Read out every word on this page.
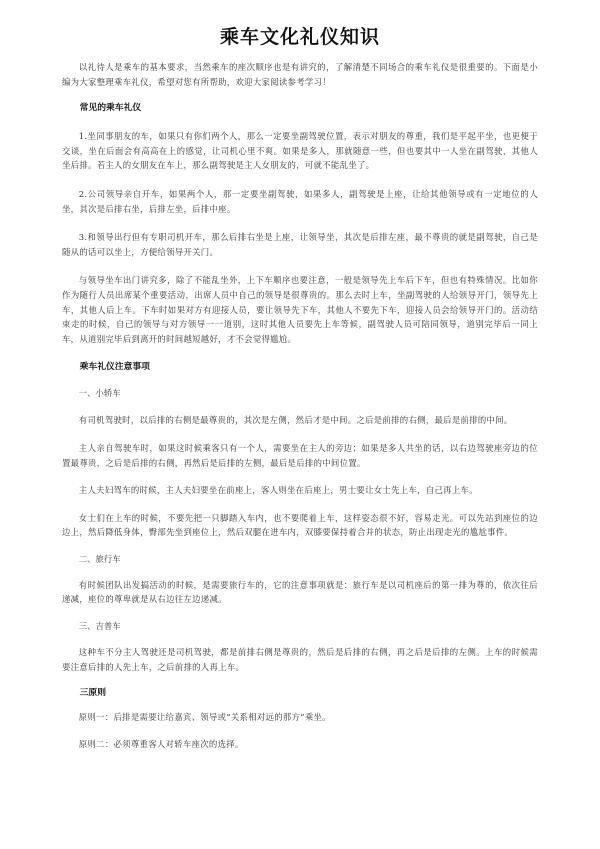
乘车文化礼仪知识

以礼待人是乘车的基本要求，当然乘车的座次顺序也是有讲究的，了解清楚不同场合的乘车礼仪是很重要的。下面是小编为大家整理乘车礼仪，希望对您有所帮助，欢迎大家阅读参考学习！

常见的乘车礼仪

1.坐同事朋友的车，如果只有你们两个人，那么一定要坐副驾驶位置，表示对朋友的尊重，我们是平起平坐，也更便于交谈，坐在后面会有高高在上的感觉，让司机心里不爽。如果是多人，那就随意一些，但也要其中一人坐在副驾驶，其他人坐后排。若主人的女朋友在车上，那么副驾驶是主人女朋友的，可就不能乱坐了。

2.公司领导亲自开车，如果两个人，那一定要坐副驾驶，如果多人，副驾驶是上座，让给其他领导或有一定地位的人坐，其次是后排右坐，后排左坐，后排中座。

3.和领导出行但有专职司机开车，那么后排右坐是上座，让领导坐，其次是后排左座，最不尊贵的就是副驾驶，自己是随从的话可以坐上，方便给领导开关门。

与领导坐车出门讲究多，除了不能乱坐外，上下车顺序也要注意，一般是领导先上车后下车，但也有特殊情况。比如你作为随行人员出席某个重要活动，出席人员中自己的领导是很尊贵的。那么去时上车，坐副驾驶的人给领导开门，领导先上车，其他人后上车。下车时如果对方有迎接人员，要让领导先下车，其他人不要先下车，迎接人员会给领导开门的。活动结束走的时候，自己的领导与对方领导一一道别，这时其他人员要先上车等候，副驾驶人员可陪同领导，道别完毕后一同上车，从道别完毕后到离开的时间越短越好，才不会觉得尴尬。

乘车礼仪注意事项
一、小轿车

有司机驾驶时，以后排的右侧是最尊贵的，其次是左侧，然后才是中间。之后是前排的右侧，最后是前排的中间。

主人亲自驾驶车时，如果这时候乘客只有一个人，需要坐在主人的旁边；如果是多人共坐的话，以右边驾驶座旁边的位置最尊贵，之后是后排的右侧，再然后是后排的左侧，最后是后排的中间位置。

主人夫妇驾车的时候，主人夫妇要坐在前座上，客人则坐在后座上，男士要让女士先上车，自己再上车。

女士们在上车的时候，不要先把一只脚踏入车内，也不要爬着上车，这样姿态很不好，容易走光。可以先站到座位的边边上，然后降低身体，臀部先坐到座位上，然后双腿在进车内，双膝要保持着合并的状态，防止出现走光的尴尬事件。

二、旅行车

有时候团队出发搞活动的时候，是需要旅行车的，它的注意事项就是：旅行车是以司机座后的第一排为尊的，依次往后递减，座位的尊卑就是从右边往左边递减。

三、吉普车

这种车不分主人驾驶还是司机驾驶，都是前排右侧是尊贵的，然后是后排的右侧，再之后是后排的左侧。上车的时候需要注意后排的人先上车，之后前排的人再上车。

三原则

原则一：后排是需要让给嘉宾、领导或“关系相对远的那方”乘坐。

原则二：必须尊重客人对轿车座次的选择。
